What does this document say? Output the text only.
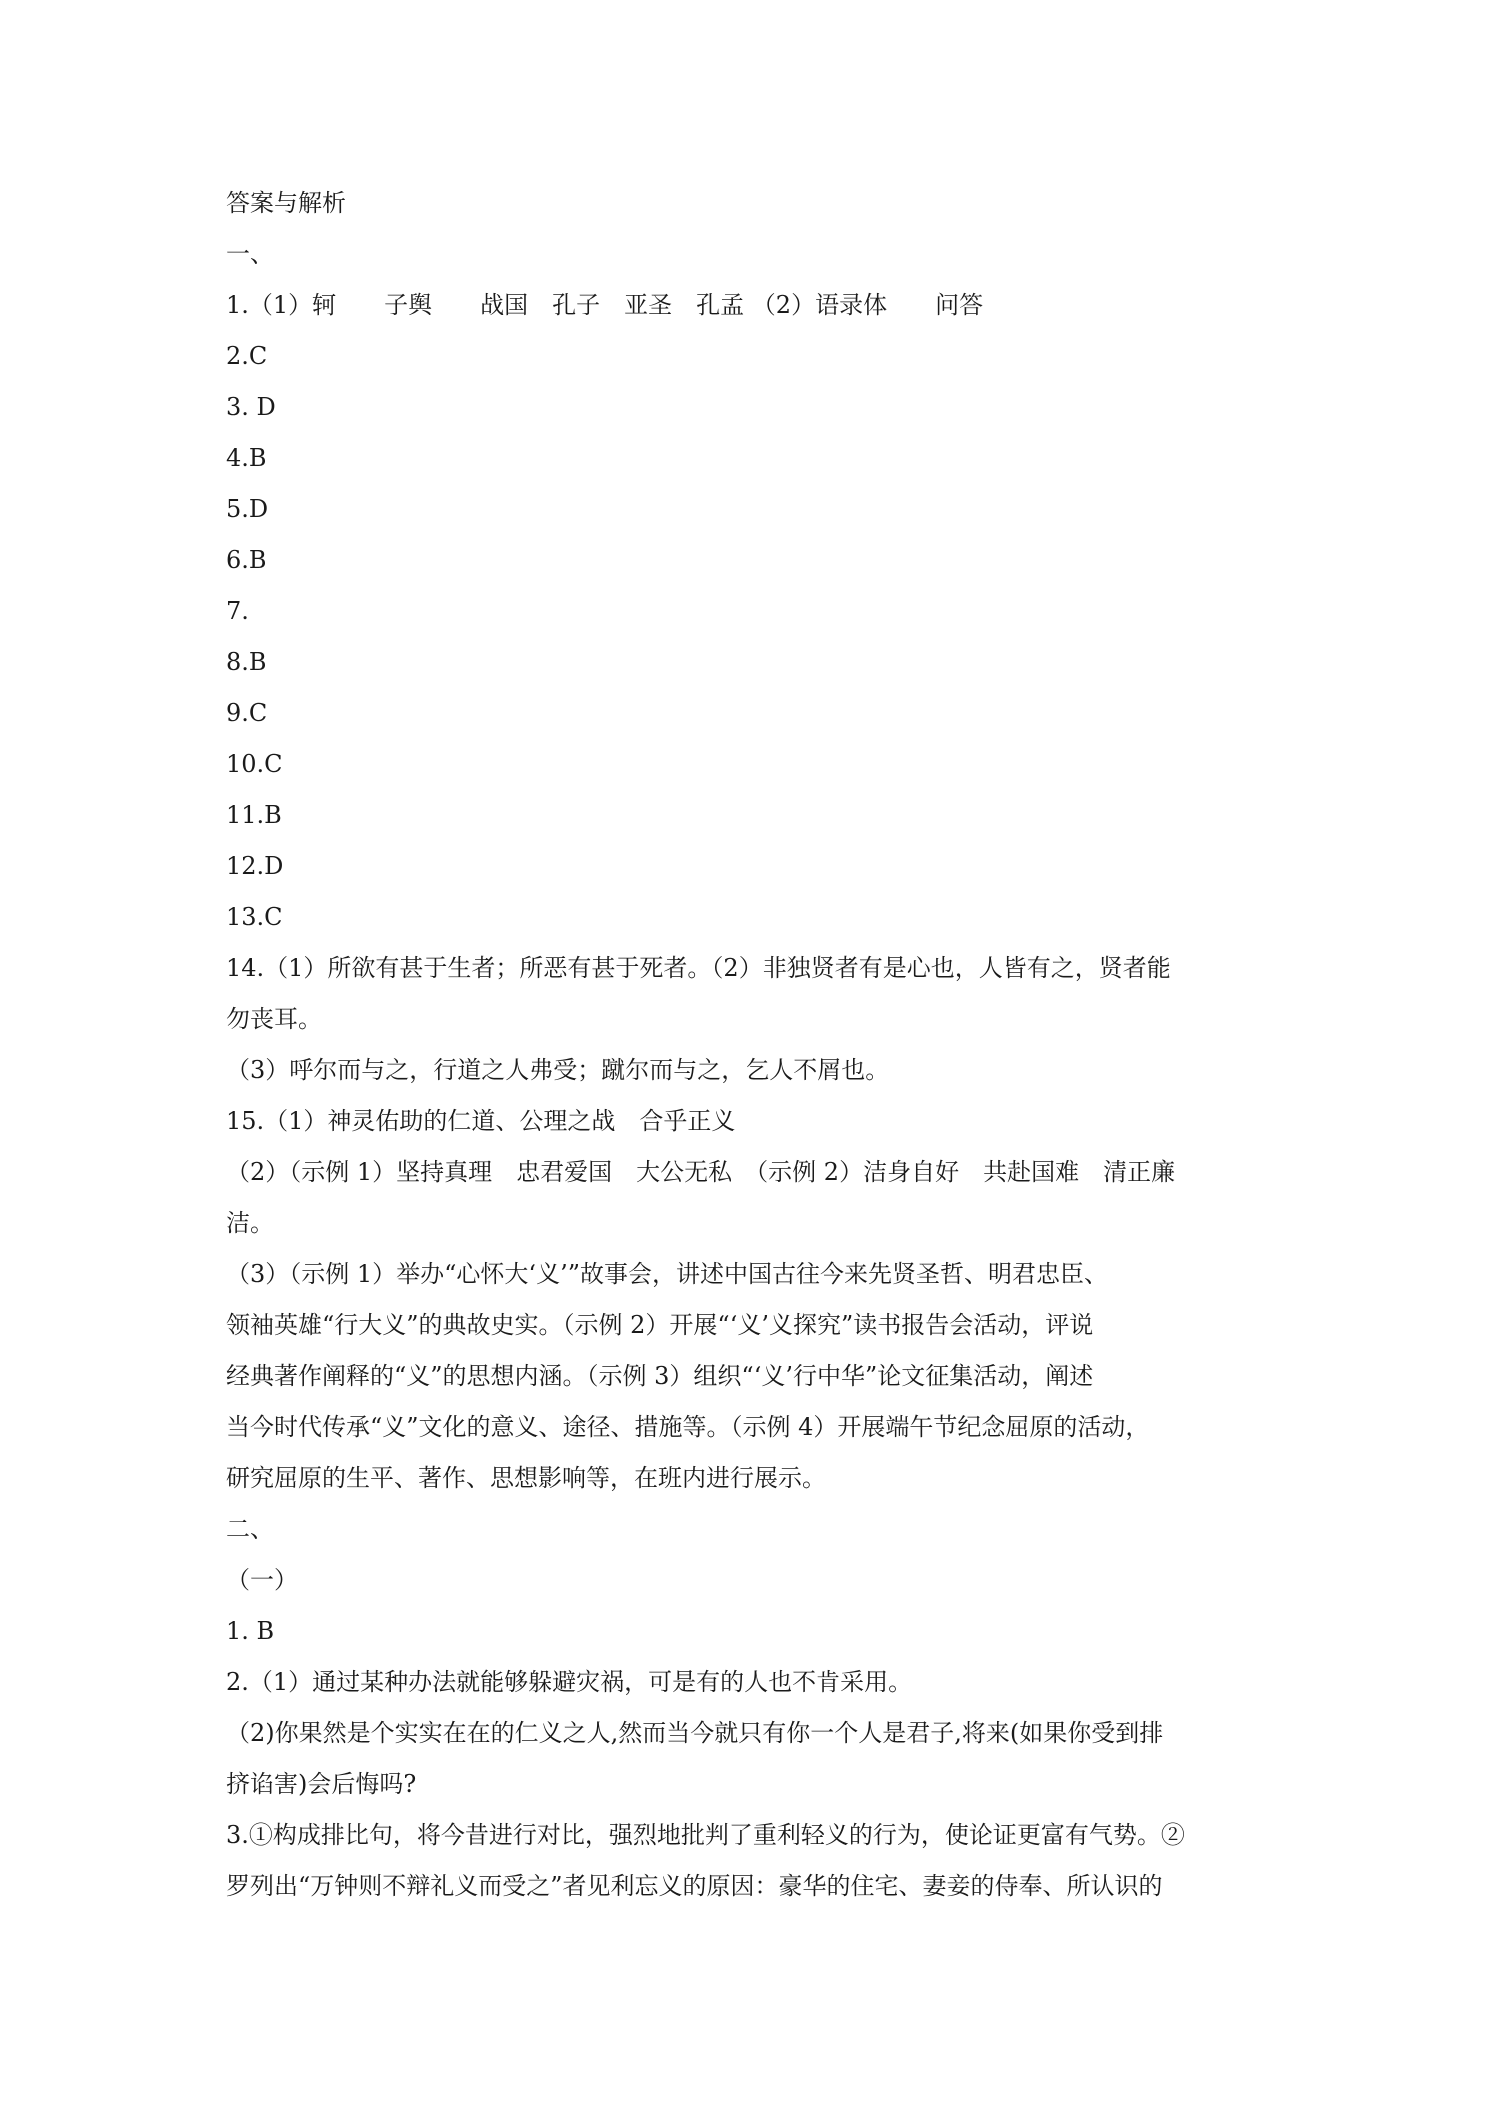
答案与解析
一、
1.（1）轲　　子舆　　战国　孔子　亚圣　孔孟 （2）语录体　　问答
2.C
3. D
4.B
5.D
6.B
7.
8.B
9.C
10.C
11.B
12.D
13.C
14.（1）所欲有甚于生者；所恶有甚于死者。（2）非独贤者有是心也，人皆有之，贤者能
勿丧耳。
（3）呼尔而与之，行道之人弗受；蹴尔而与之，乞人不屑也。
15.（1）神灵佑助的仁道、公理之战　合乎正义
（2）（示例 1）坚持真理　忠君爱国　大公无私　（示例 2）洁身自好　共赴国难　清正廉
洁。
（3）（示例 1）举办“心怀大‘义’”故事会，讲述中国古往今来先贤圣哲、明君忠臣、
领袖英雄“行大义”的典故史实。（示例 2）开展“‘义’义探究”读书报告会活动，评说
经典著作阐释的“义”的思想内涵。（示例 3）组织“‘义’行中华”论文征集活动，阐述
当今时代传承“义”文化的意义、途径、措施等。（示例 4）开展端午节纪念屈原的活动，
研究屈原的生平、著作、思想影响等，在班内进行展示。
二、
（一）
1. B
2.（1）通过某种办法就能够躲避灾祸，可是有的人也不肯采用。
（2)你果然是个实实在在的仁义之人,然而当今就只有你一个人是君子,将来(如果你受到排
挤谄害)会后悔吗?
3.①构成排比句，将今昔进行对比，强烈地批判了重利轻义的行为，使论证更富有气势。②
罗列出“万钟则不辩礼义而受之”者见利忘义的原因：豪华的住宅、妻妾的侍奉、所认识的
